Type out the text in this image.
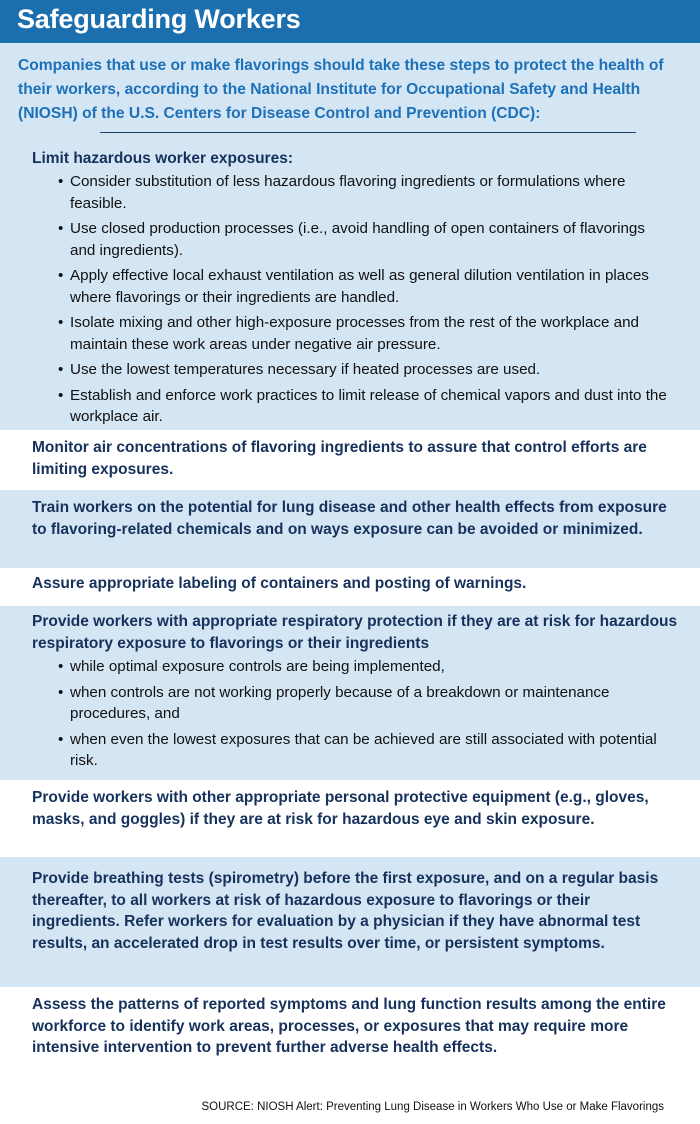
Safeguarding Workers

Companies that use or make flavorings should take these steps to protect the health of their workers, according to the National Institute for Occupational Safety and Health (NIOSH) of the U.S. Centers for Disease Control and Prevention (CDC):

Limit hazardous worker exposures:

• Consider substitution of less hazardous flavoring ingredients or formulations where feasible.
• Use closed production processes (i.e., avoid handling of open containers of flavorings and ingredients).
• Apply effective local exhaust ventilation as well as general dilution ventilation in places where flavorings or their ingredients are handled.
• Isolate mixing and other high-exposure processes from the rest of the workplace and maintain these work areas under negative air pressure.
• Use the lowest temperatures necessary if heated processes are used.
• Establish and enforce work practices to limit release of chemical vapors and dust into the workplace air.

Monitor air concentrations of flavoring ingredients to assure that control efforts are limiting exposures.

Train workers on the potential for lung disease and other health effects from exposure to flavoring-related chemicals and on ways exposure can be avoided or minimized.

Assure appropriate labeling of containers and posting of warnings.

Provide workers with appropriate respiratory protection if they are at risk for hazardous respiratory exposure to flavorings or their ingredients

• while optimal exposure controls are being implemented,
• when controls are not working properly because of a breakdown or maintenance procedures, and
• when even the lowest exposures that can be achieved are still associated with potential risk.

Provide workers with other appropriate personal protective equipment (e.g., gloves, masks, and goggles) if they are at risk for hazardous eye and skin exposure.

Provide breathing tests (spirometry) before the first exposure, and on a regular basis thereafter, to all workers at risk of hazardous exposure to flavorings or their ingredients. Refer workers for evaluation by a physician if they have abnormal test results, an accelerated drop in test results over time, or persistent symptoms.

Assess the patterns of reported symptoms and lung function results among the entire workforce to identify work areas, processes, or exposures that may require more intensive intervention to prevent further adverse health effects.

SOURCE: NIOSH Alert: Preventing Lung Disease in Workers Who Use or Make Flavorings
